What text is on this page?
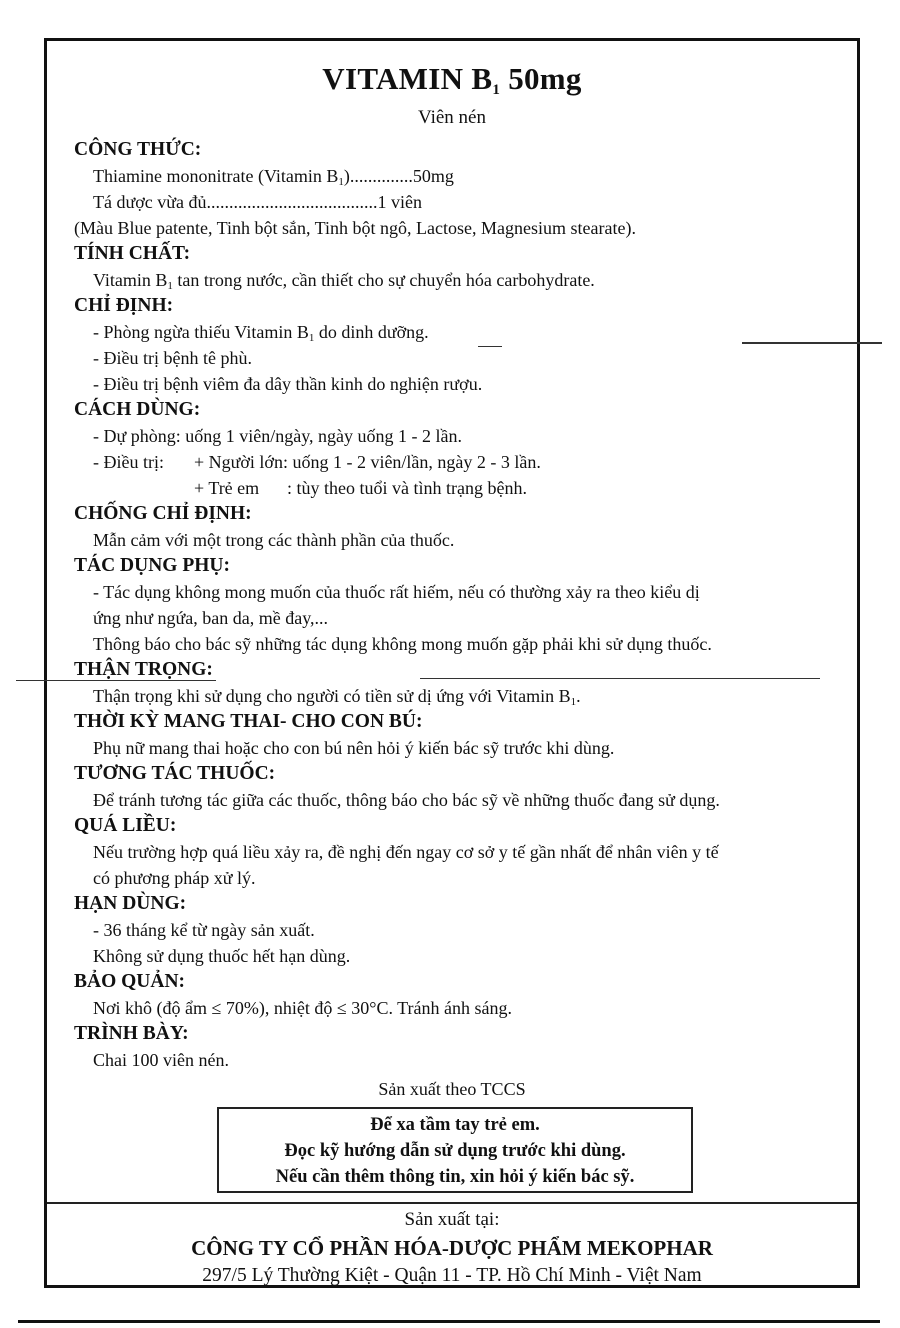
VITAMIN $B_1$ 50mg
Viên nén
CÔNG THỨC:
Thiamine mononitrate (Vitamin $B_1)..............50mg$
Tá dược vừa đủ......................................1 viên
(Màu Blue patente, Tinh bột sắn, Tinh bột ngô, Lactose, Magnesium stearate).
TÍNH CHẤT:
Vitamin $B_1$ tan trong nước, cần thiết cho sự chuyển hóa carbohydrate.
CHỈ ĐỊNH:
- Phòng ngừa thiếu Vitamin $B_1$ do dinh dưỡng.
- Điều trị bệnh tê phù.
- Điều trị bệnh viêm đa dây thần kinh do nghiện rượu.
CÁCH DÙNG:
- Dự phòng: uống 1 viên/ngày, ngày uống 1 - 2 lần.
- Điều trị: + Người lớn: uống 1 - 2 viên/lần, ngày 2 - 3 lần.
+ Trẻ em : tùy theo tuổi và tình trạng bệnh.
CHỐNG CHỈ ĐỊNH:
Mẫn cảm với một trong các thành phần của thuốc.
TÁC DỤNG PHỤ:
- Tác dụng không mong muốn của thuốc rất hiếm, nếu có thường xảy ra theo kiểu dị
ứng như ngứa, ban da, mề đay,...
Thông báo cho bác sỹ những tác dụng không mong muốn gặp phải khi sử dụng thuốc.
THẬN TRỌNG:
Thận trọng khi sử dụng cho người có tiền sử dị ứng với Vitamin $B_1$.
THỜI KỲ MANG THAI- CHO CON BÚ:
Phụ nữ mang thai hoặc cho con bú nên hỏi ý kiến bác sỹ trước khi dùng.
TƯƠNG TÁC THUỐC:
Để tránh tương tác giữa các thuốc, thông báo cho bác sỹ về những thuốc đang sử dụng.
QUÁ LIỀU:
Nếu trường hợp quá liều xảy ra, đề nghị đến ngay cơ sở y tế gần nhất để nhân viên y tế
có phương pháp xử lý.
HẠN DÙNG:
- 36 tháng kể từ ngày sản xuất.
Không sử dụng thuốc hết hạn dùng.
BẢO QUẢN:
Nơi khô (độ ẩm ≤ 70%), nhiệt độ ≤ 30°C. Tránh ánh sáng.
TRÌNH BÀY:
Chai 100 viên nén.
Sản xuất theo TCCS
Để xa tầm tay trẻ em.
Đọc kỹ hướng dẫn sử dụng trước khi dùng.
Nếu cần thêm thông tin, xin hỏi ý kiến bác sỹ.
Sản xuất tại:
CÔNG TY CỔ PHẦN HÓA-DƯỢC PHẨM MEKOPHAR
297/5 Lý Thường Kiệt - Quận 11 - TP. Hồ Chí Minh - Việt Nam
